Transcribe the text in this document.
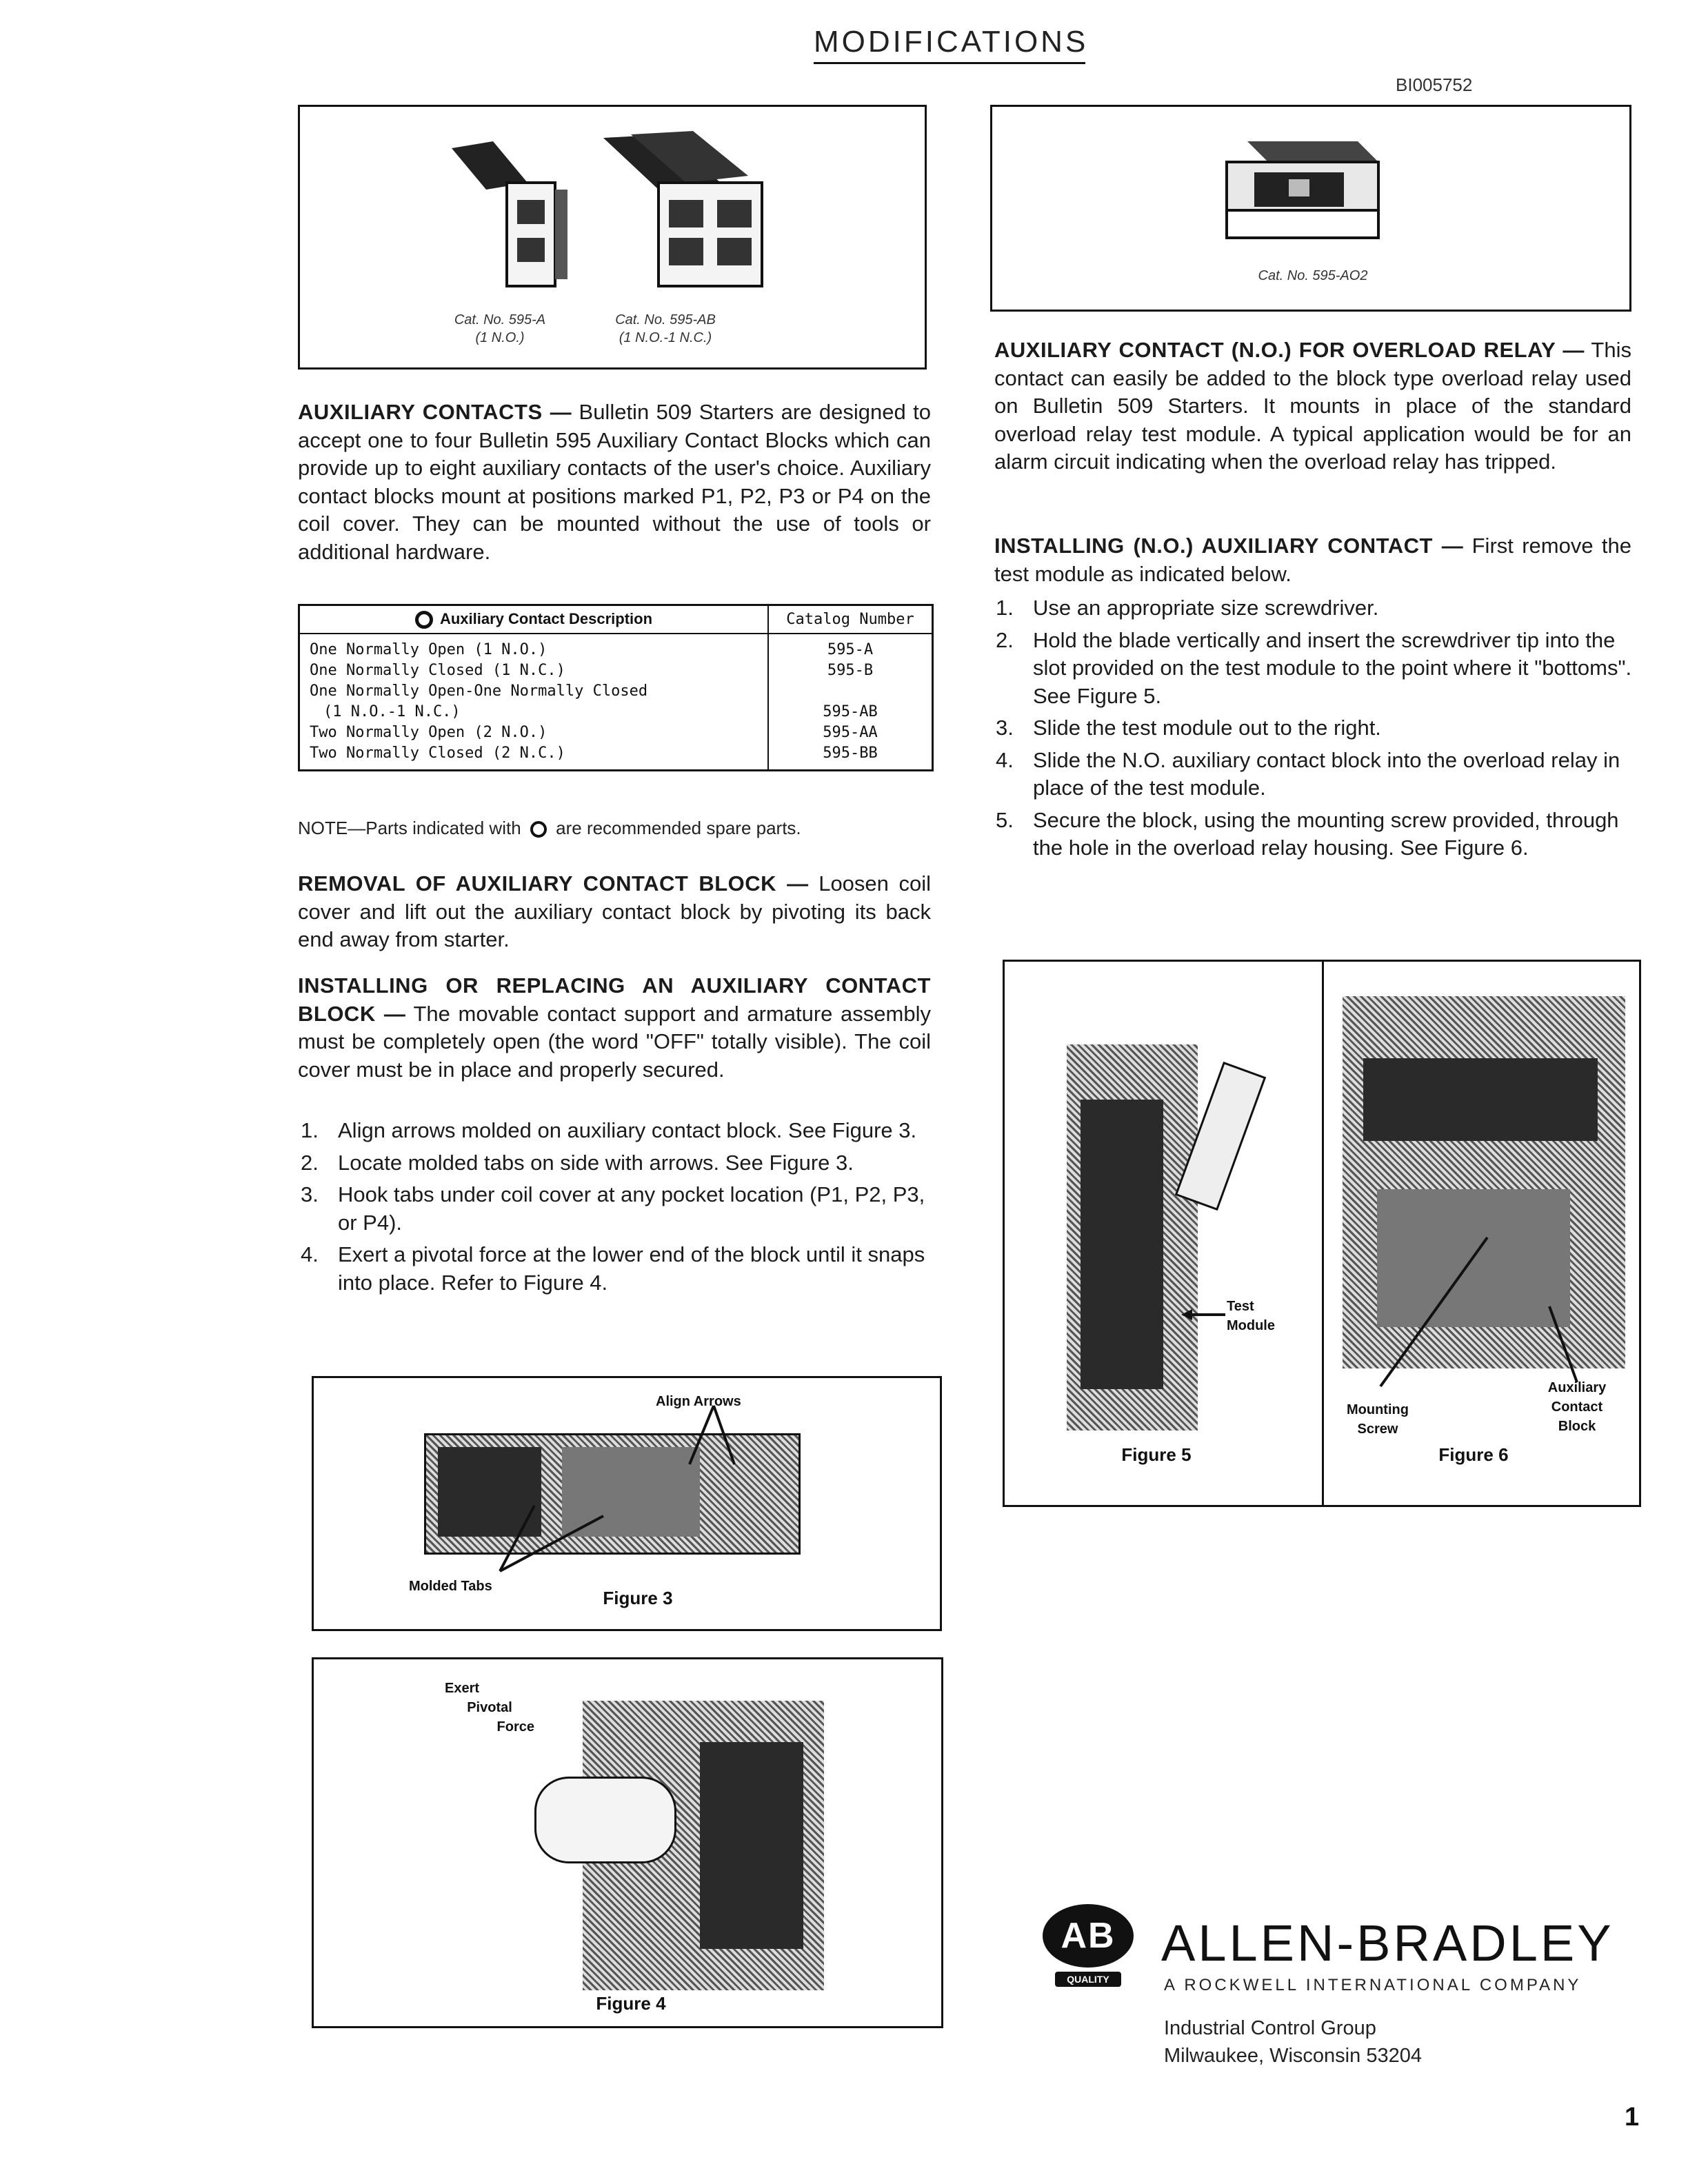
MODIFICATIONS
BI005752
Cat. No. 595-A
(1 N.O.)
Cat. No. 595-AB
(1 N.O.-1 N.C.)
Cat. No. 595-AO2
AUXILIARY CONTACTS — Bulletin 509 Starters are designed to accept one to four Bulletin 595 Auxiliary Contact Blocks which can provide up to eight auxiliary contacts of the user's choice. Auxiliary contact blocks mount at positions marked P1, P2, P3 or P4 on the coil cover. They can be mounted without the use of tools or additional hardware.
Auxiliary Contact Description	Catalog Number
One Normally Open (1 N.O.)	595-A
One Normally Closed (1 N.C.)	595-B
One Normally Open-One Normally Closed	
(1 N.O.-1 N.C.)	595-AB
Two Normally Open (2 N.O.)	595-AA
Two Normally Closed (2 N.C.)	595-BB
NOTE—Parts indicated with are recommended spare parts.
REMOVAL OF AUXILIARY CONTACT BLOCK — Loosen coil cover and lift out the auxiliary contact block by pivoting its back end away from starter.
INSTALLING OR REPLACING AN AUXILIARY CONTACT BLOCK — The movable contact support and armature assembly must be completely open (the word "OFF" totally visible). The coil cover must be in place and properly secured.
1. Align arrows molded on auxiliary contact block. See Figure 3.
2. Locate molded tabs on side with arrows. See Figure 3.
3. Hook tabs under coil cover at any pocket location (P1, P2, P3, or P4).
4. Exert a pivotal force at the lower end of the block until it snaps into place. Refer to Figure 4.
Align Arrows
Molded Tabs
Figure 3
Exert
Pivotal
Force
Figure 4
AUXILIARY CONTACT (N.O.) FOR OVERLOAD RELAY — This contact can easily be added to the block type overload relay used on Bulletin 509 Starters. It mounts in place of the standard overload relay test module. A typical application would be for an alarm circuit indicating when the overload relay has tripped.
INSTALLING (N.O.) AUXILIARY CONTACT — First remove the test module as indicated below.
1. Use an appropriate size screwdriver.
2. Hold the blade vertically and insert the screwdriver tip into the slot provided on the test module to the point where it "bottoms". See Figure 5.
3. Slide the test module out to the right.
4. Slide the N.O. auxiliary contact block into the overload relay in place of the test module.
5. Secure the block, using the mounting screw provided, through the hole in the overload relay housing. See Figure 6.
Test
Module
Figure 5
Mounting
Screw
Auxiliary
Contact
Block
Figure 6
AB
QUALITY
ALLEN-BRADLEY
A ROCKWELL INTERNATIONAL COMPANY
Industrial Control Group
Milwaukee, Wisconsin 53204
1
